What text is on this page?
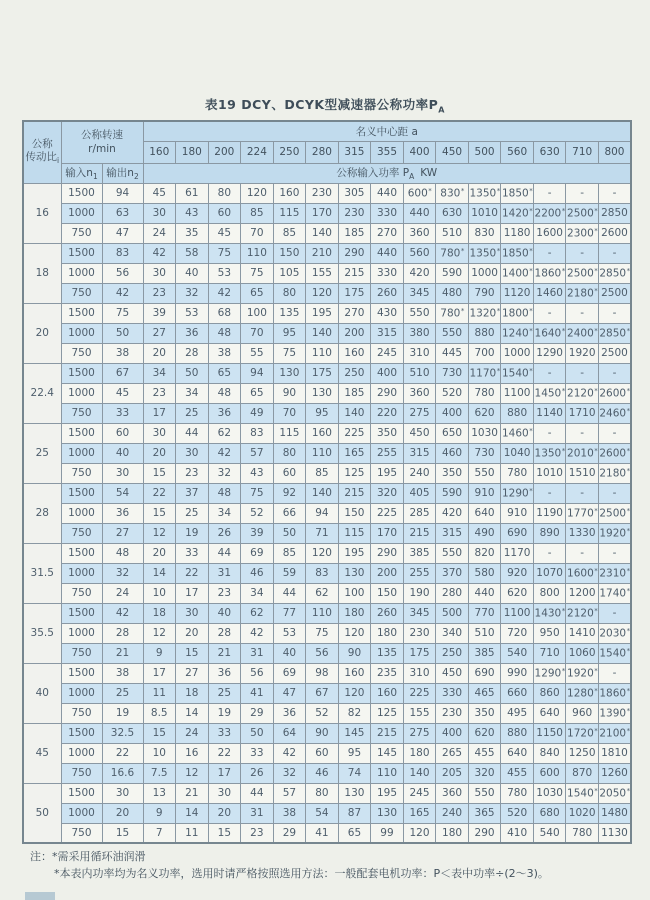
表19 DCY、DCYK型减速器公称功率$P_A$
公称
传动比$_i$

公称转速
r/min
	名义中心距 a
			160	180	200	224	250	280	315	355	400	450	500	560	630	710	800
	输入$n_1$	输出$n_2$	公称输入功率 $P_A$ KW														
16	1500	94	45	61	80	120	160	230	305	440	600*	830*	1350*	1850*	-	-	-
	1000	63	30	43	60	85	115	170	230	330	440	630	1010	1420*	2200*	2500*	2850
	750	47	24	35	45	70	85	140	185	270	360	510	830	1180	1600	2300*	2600
18	1500	83	42	58	75	110	150	210	290	440	560	780*	1350*	1850*	-	-	-
	1000	56	30	40	53	75	105	155	215	330	420	590	1000	1400*	1860*	2500*	2850*
	750	42	23	32	42	65	80	120	175	260	345	480	790	1120	1460	2180*	2500
20	1500	75	39	53	68	100	135	195	270	430	550	780*	1320*	1800*	-	-	-
	1000	50	27	36	48	70	95	140	200	315	380	550	880	1240*	1640*	2400*	2850*
	750	38	20	28	38	55	75	110	160	245	310	445	700	1000	1290	1920	2500
22.4	1500	67	34	50	65	94	130	175	250	400	510	730	1170*	1540*	-	-	-
	1000	45	23	34	48	65	90	130	185	290	360	520	780	1100	1450*	2120*	2600*
	750	33	17	25	36	49	70	95	140	220	275	400	620	880	1140	1710	2460*
25	1500	60	30	44	62	83	115	160	225	350	450	650	1030	1460*	-	-	-
	1000	40	20	30	42	57	80	110	165	255	315	460	730	1040	1350*	2010*	2600*
	750	30	15	23	32	43	60	85	125	195	240	350	550	780	1010	1510	2180*
28	1500	54	22	37	48	75	92	140	215	320	405	590	910	1290*	-	-	-
	1000	36	15	25	34	52	66	94	150	225	285	420	640	910	1190	1770*	2500*
	750	27	12	19	26	39	50	71	115	170	215	315	490	690	890	1330	1920*
31.5	1500	48	20	33	44	69	85	120	195	290	385	550	820	1170	-	-	-
	1000	32	14	22	31	46	59	83	130	200	255	370	580	920	1070	1600*	2310*
	750	24	10	17	23	34	44	62	100	150	190	280	440	620	800	1200	1740*
35.5	1500	42	18	30	40	62	77	110	180	260	345	500	770	1100	1430*	2120*	-
	1000	28	12	20	28	42	53	75	120	180	230	340	510	720	950	1410	2030*
	750	21	9	15	21	31	40	56	90	135	175	250	385	540	710	1060	1540*
40	1500	38	17	27	36	56	69	98	160	235	310	450	690	990	1290*	1920*	-
	1000	25	11	18	25	41	47	67	120	160	225	330	465	660	860	1280*	1860*
	750	19	8.5	14	19	29	36	52	82	125	155	230	350	495	640	960	1390*
45	1500	32.5	15	24	33	50	64	90	145	215	275	400	620	880	1150	1720*	2100*
	1000	22	10	16	22	33	42	60	95	145	180	265	455	640	840	1250	1810
	750	16.6	7.5	12	17	26	32	46	74	110	140	205	320	455	600	870	1260
50	1500	30	13	21	30	44	57	80	130	195	245	360	550	780	1030	1540*	2050*
	1000	20	9	14	20	31	38	54	87	130	165	240	365	520	680	1020	1480
	750	15	7	11	15	23	29	41	65	99	120	180	290	410	540	780	1130
注：*需采用循环油润滑
*本表内功率均为名义功率，选用时请严格按照选用方法：一般配套电机功率：P＜表中功率÷(2～3)。
